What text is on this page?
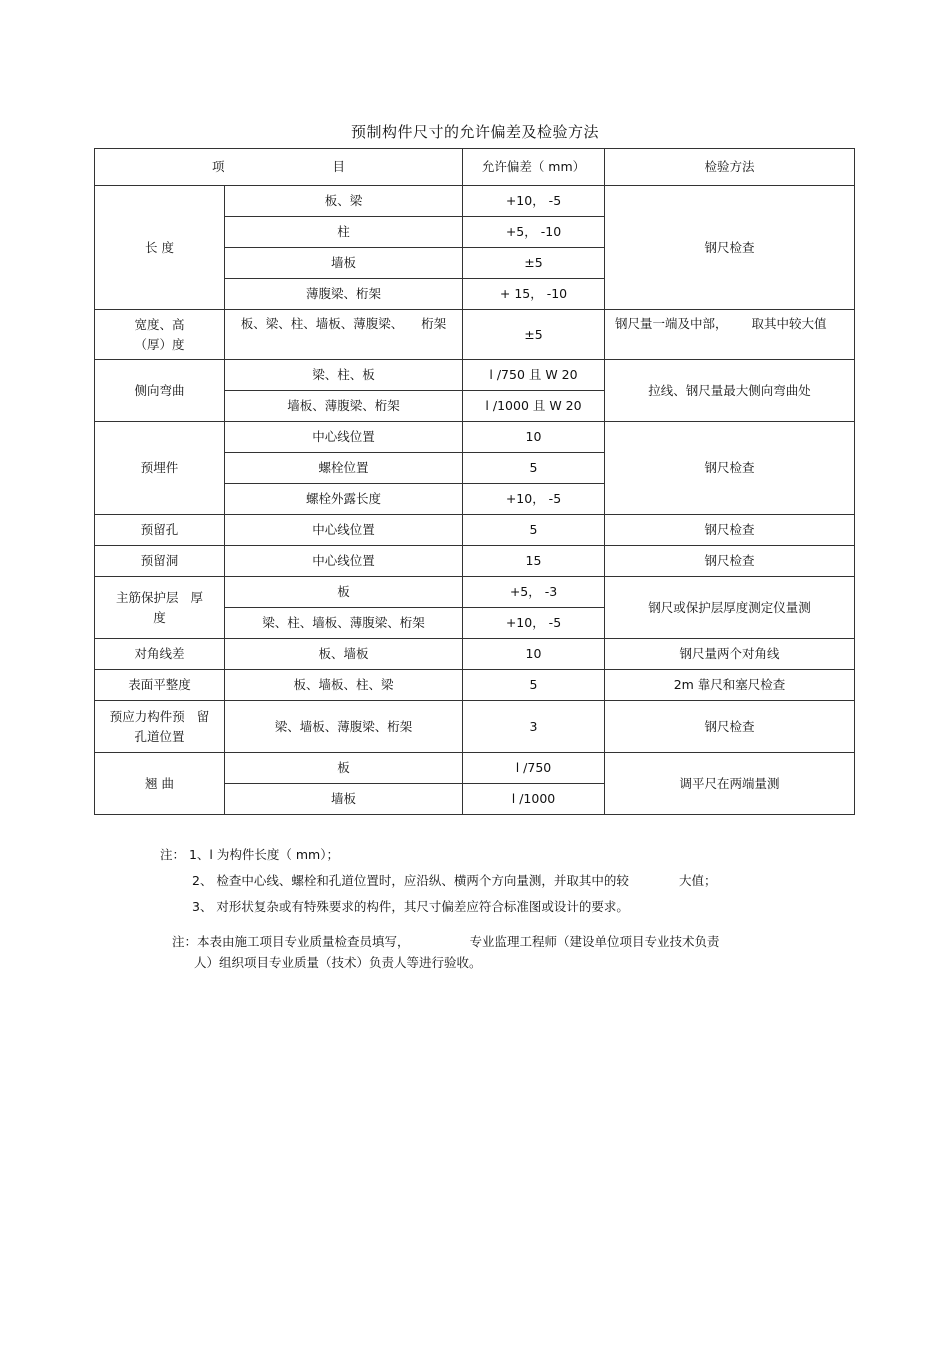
预制构件尺寸的允许偏差及检验方法
项 目		允许偏差（ mm）	检验方法
长 度	板、梁	+10， -5	钢尺检查
	柱	+5， -10	
	墙板	±5	
	薄腹梁、桁架	+ 15， -10	

宽度、高
（厚）度	板、梁、柱、墙板、薄腹梁、 桁架	±5	钢尺量一端及中部， 取其中较大值
侧向弯曲	梁、柱、板	l /750 且 W 20	拉线、钢尺量最大侧向弯曲处
	墙板、薄腹梁、桁架	l /1000 且 W 20	
预埋件	中心线位置	10	钢尺检查
	螺栓位置	5	
	螺栓外露长度	+10， -5	
预留孔	中心线位置	5	钢尺检查
预留洞	中心线位置	15	钢尺检查

主筋保护层 厚
度	板	+5， -3	钢尺或保护层厚度测定仪量测
	梁、柱、墙板、薄腹梁、桁架	+10， -5	
对角线差	板、墙板	10	钢尺量两个对角线
表面平整度	板、墙板、柱、梁	5	2m 靠尺和塞尺检查

预应力构件预 留
孔道位置	梁、墙板、薄腹梁、桁架	3	钢尺检查
翘 曲	板	l /750	调平尺在两端量测
	墙板	l /1000	
注： 1、l 为构件长度（ mm）；
2、 检查中心线、螺栓和孔道位置时，应沿纵、横两个方向量测，并取其中的较	大值；
3、 对形状复杂或有特殊要求的构件，其尺寸偏差应符合标准图或设计的要求。
注：本表由施工项目专业质量检查员填写，	专业监理工程师（建设单位项目专业技术负责
人）组织项目专业质量（技术）负责人等进行验收。
